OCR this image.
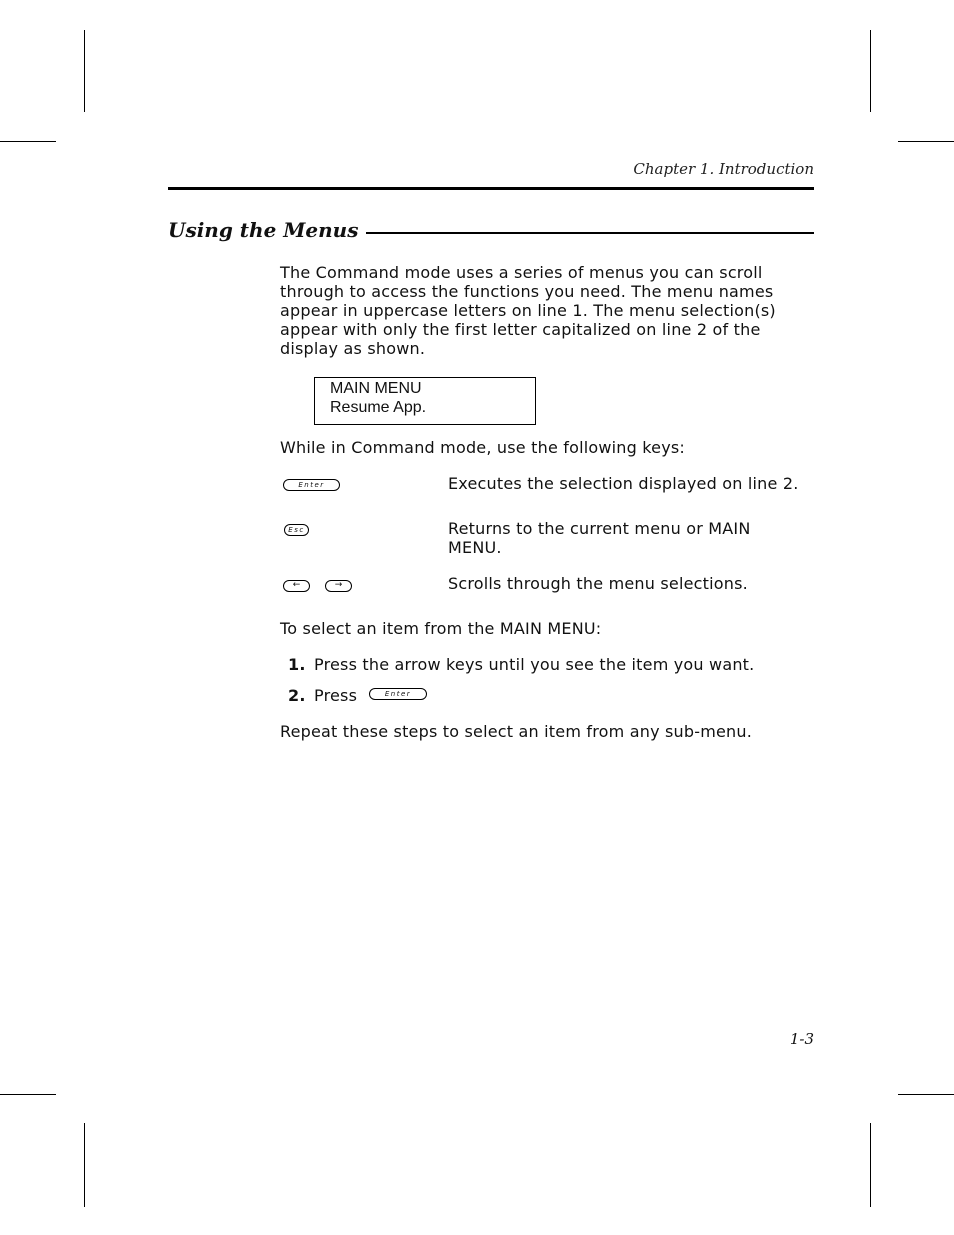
Chapter 1. Introduction
Using the Menus

The Command mode uses a series of menus you can scroll through to access the functions you need. The menu names appear in uppercase letters on line 1. The menu selection(s) appear with only the first letter capitalized on line 2 of the display as shown.

MAIN MENU
Resume App.

While in Command mode, use the following keys:

Enter	Executes the selection displayed on line 2.
Esc	Returns to the current menu or MAIN MENU.
←	→	Scrolls through the menu selections.

To select an item from the MAIN MENU:

1. Press the arrow keys until you see the item you want.
2. Press	Enter

Repeat these steps to select an item from any sub-menu.

1-3
